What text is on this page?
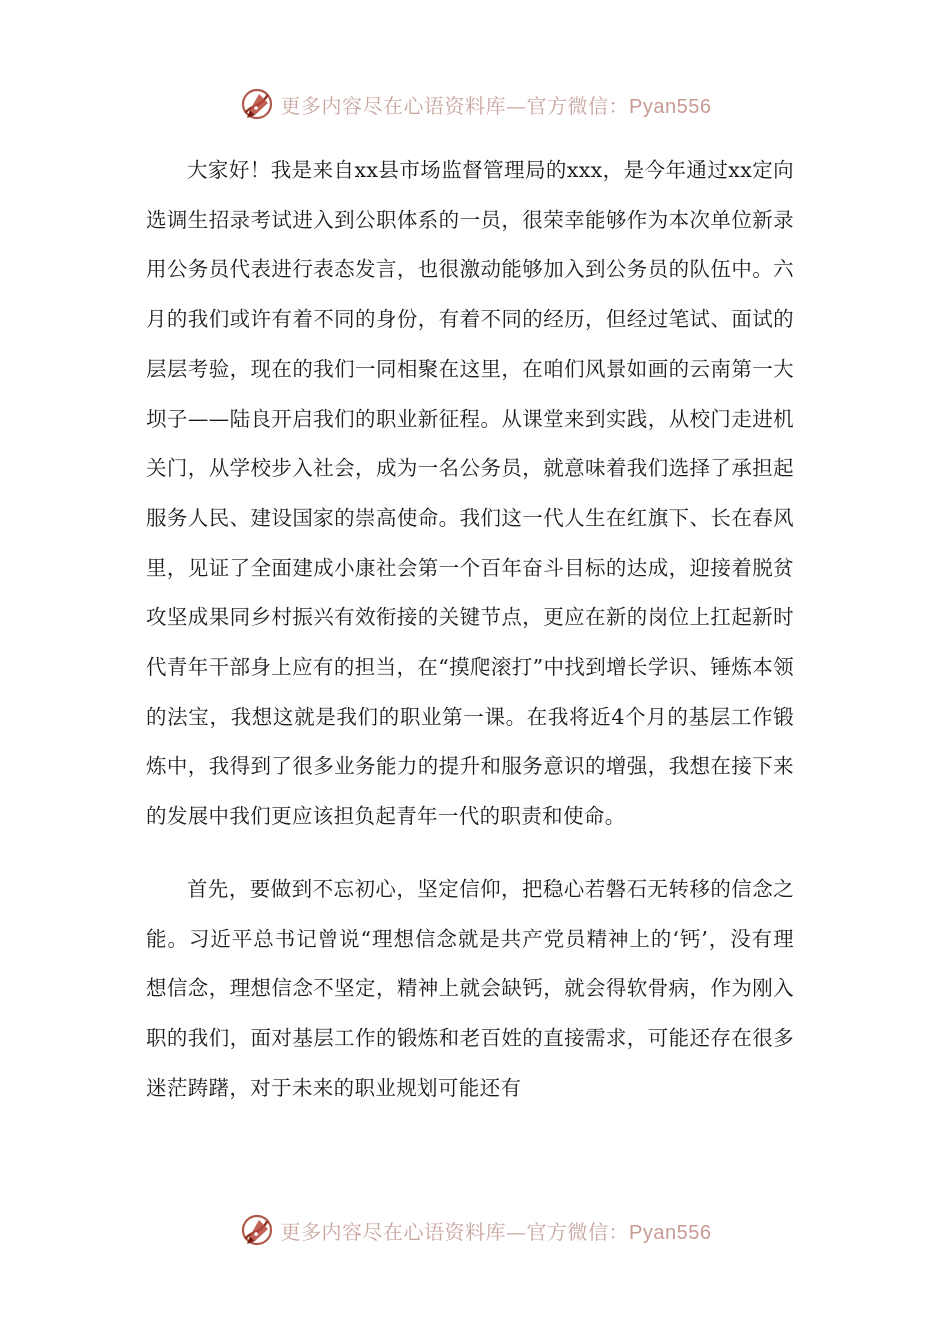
更多内容尽在心语资料库—官方微信：Pyan556

大家好！我是来自xx县市场监督管理局的xxx，是今年通过xx定向选调生招录考试进入到公职体系的一员，很荣幸能够作为本次单位新录用公务员代表进行表态发言，也很激动能够加入到公务员的队伍中。六月的我们或许有着不同的身份，有着不同的经历，但经过笔试、面试的层层考验，现在的我们一同相聚在这里，在咱们风景如画的云南第一大坝子——陆良开启我们的职业新征程。从课堂来到实践，从校门走进机关门，从学校步入社会，成为一名公务员，就意味着我们选择了承担起服务人民、建设国家的崇高使命。我们这一代人生在红旗下、长在春风里，见证了全面建成小康社会第一个百年奋斗目标的达成，迎接着脱贫攻坚成果同乡村振兴有效衔接的关键节点，更应在新的岗位上扛起新时代青年干部身上应有的担当，在“摸爬滚打”中找到增长学识、锤炼本领的法宝，我想这就是我们的职业第一课。在我将近4个月的基层工作锻炼中，我得到了很多业务能力的提升和服务意识的增强，我想在接下来的发展中我们更应该担负起青年一代的职责和使命。

首先，要做到不忘初心，坚定信仰，把稳心若磐石无转移的信念之能。习近平总书记曾说“理想信念就是共产党员精神上的‘钙’，没有理想信念，理想信念不坚定，精神上就会缺钙，就会得软骨病，作为刚入职的我们，面对基层工作的锻炼和老百姓的直接需求，可能还存在很多迷茫踌躇，对于未来的职业规划可能还有

更多内容尽在心语资料库—官方微信：Pyan556
